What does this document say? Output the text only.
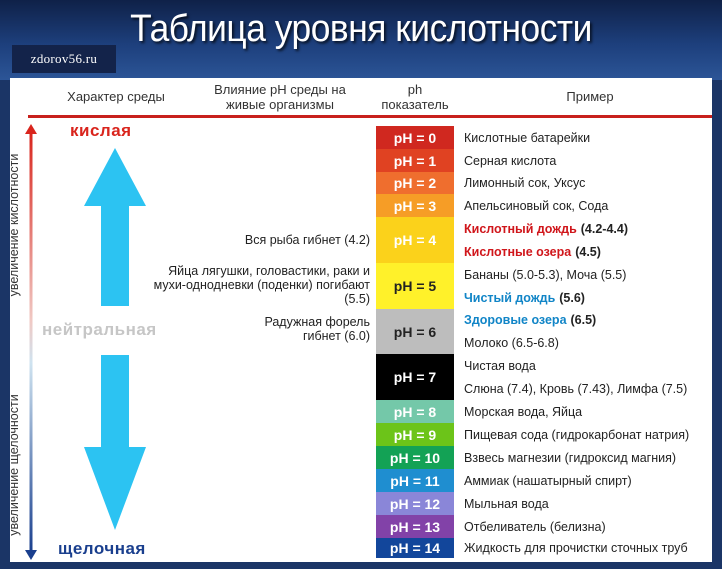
Таблица уровня кислотности
zdorov56.ru
Характер среды	Влияние pH среды на живые организмы
ph показатель
Пример
увеличение кислотности
увеличение щелочности
кислая
нейтральная
щелочная
Вся рыба гибнет (4.2)
Яйца лягушки, головастики, раки и мухи-однодневки (поденки) погибают (5.5)
Радужная форель гибнет (6.0)
pH = 0
pH = 1
pH = 2
pH = 3
pH = 4
pH = 5
pH = 6
pH = 7
pH = 8
pH = 9
pH = 10
pH = 11
pH = 12
pH = 13
pH = 14
Кислотные батарейки
Серная кислота
Лимонный сок, Уксус
Апельсиновый сок, Сода
Кислотный дождь (4.2-4.4)
Кислотные озера (4.5)
Бананы (5.0-5.3), Моча (5.5)
Чистый дождь (5.6)
Здоровые озера (6.5)
Молоко (6.5-6.8)
Чистая вода
Слюна (7.4), Кровь (7.43), Лимфа (7.5)
Морская вода, Яйца
Пищевая сода (гидрокарбонат натрия)
Взвесь магнезии (гидроксид магния)
Аммиак (нашатырный спирт)
Мыльная вода
Отбеливатель (белизна)
Жидкость для прочистки сточных труб
